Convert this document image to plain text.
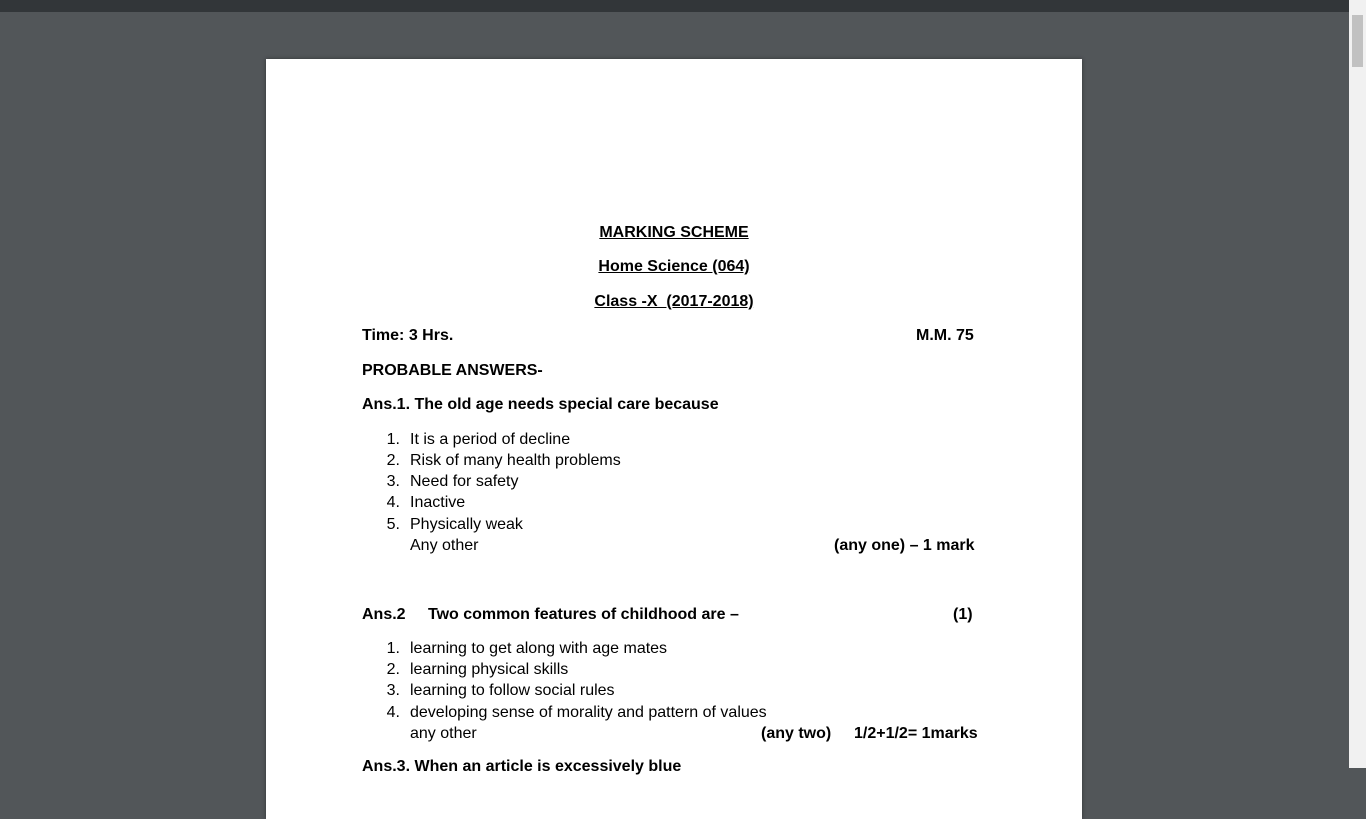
MARKING SCHEME
Home Science (064)
Class -X  (2017-2018)
Time: 3 Hrs.	M.M. 75
PROBABLE ANSWERS-
Ans.1. The old age needs special care because
1. It is a period of decline
2. Risk of many health problems
3. Need for safety
4. Inactive
5. Physically weak
Any other	(any one) – 1 mark
Ans.2 Two common features of childhood are –	(1)
1. learning to get along with age mates
2. learning physical skills
3. learning to follow social rules
4. developing sense of morality and pattern of values
any other	(any two) 1/2+1/2= 1marks
Ans.3. When an article is excessively blue
